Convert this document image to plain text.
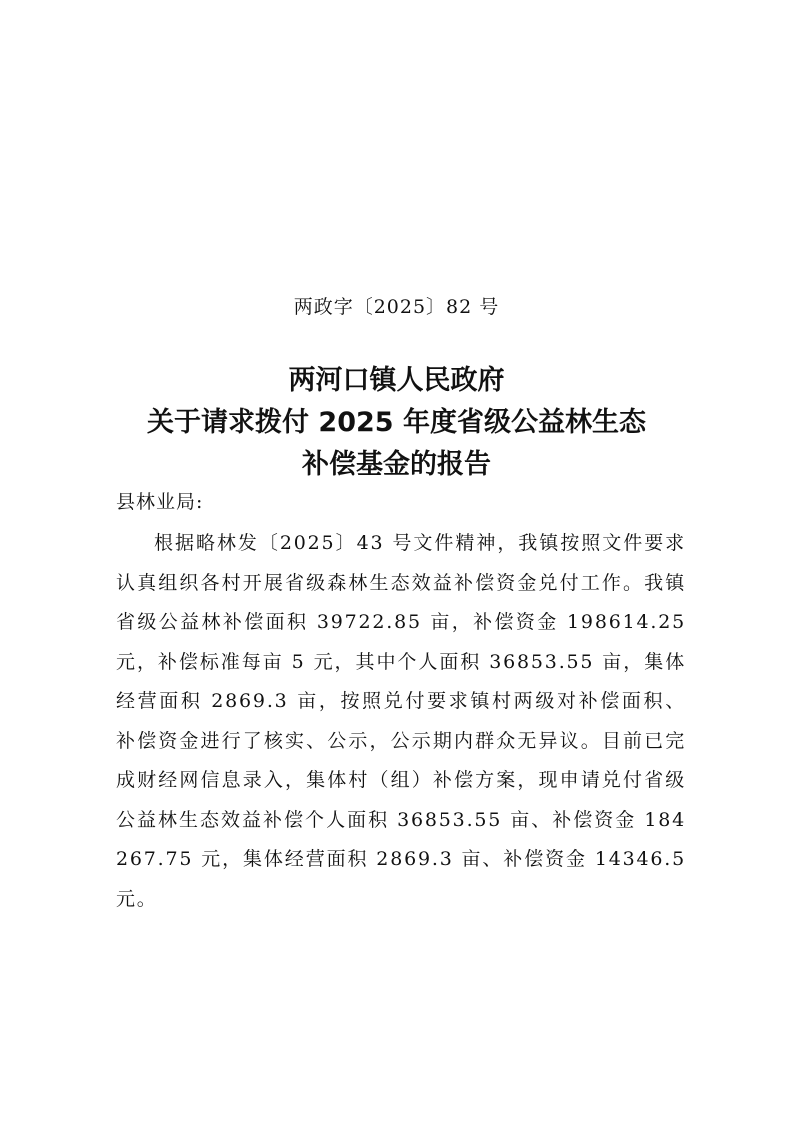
两政字〔2025〕82 号
两河口镇人民政府
关于请求拨付 2025 年度省级公益林生态
补偿基金的报告
县林业局:

根据略林发〔2025〕43 号文件精神，我镇按照文件要求认真组织各村开展省级森林生态效益补偿资金兑付工作。我镇省级公益林补偿面积 39722.85 亩，补偿资金 198614.25 元，补偿标准每亩 5 元，其中个人面积 36853.55 亩，集体经营面积 2869.3 亩，按照兑付要求镇村两级对补偿面积、补偿资金进行了核实、公示，公示期内群众无异议。目前已完成财经网信息录入，集体村（组）补偿方案，现申请兑付省级公益林生态效益补偿个人面积 36853.55 亩、补偿资金 184267.75 元，集体经营面积 2869.3 亩、补偿资金 14346.5 元。
